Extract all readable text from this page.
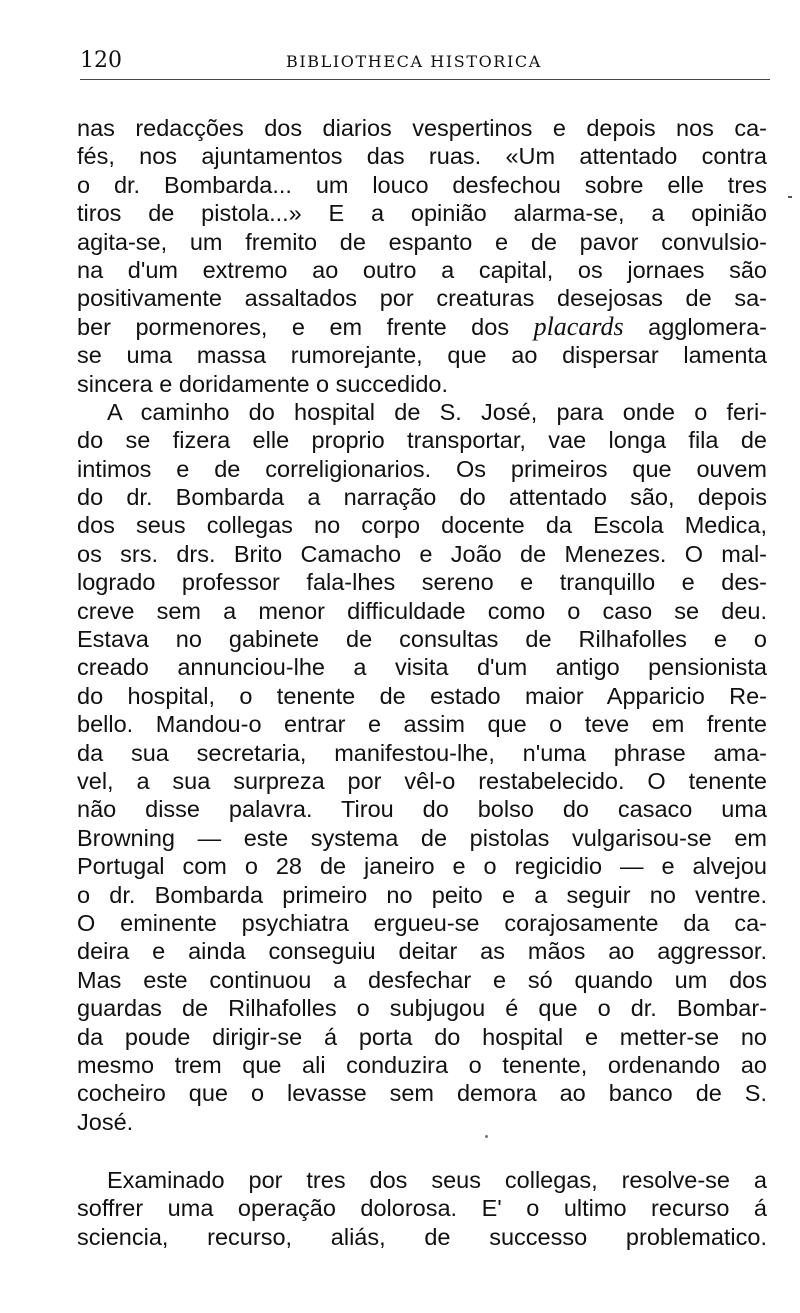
120	BIBLIOTHECA HISTORICA
nas redacções dos diarios vespertinos e depois nos ca-
fés, nos ajuntamentos das ruas. «Um attentado contra
o dr. Bombarda... um louco desfechou sobre elle tres
tiros de pistola...» E a opinião alarma-se, a opinião
agita-se, um fremito de espanto e de pavor convulsio-
na d'um extremo ao outro a capital, os jornaes são
positivamente assaltados por creaturas desejosas de sa-
ber pormenores, e em frente dos placards agglomera-
se uma massa rumorejante, que ao dispersar lamenta
sincera e doridamente o succedido.
A caminho do hospital de S. José, para onde o feri-
do se fizera elle proprio transportar, vae longa fila de
intimos e de correligionarios. Os primeiros que ouvem
do dr. Bombarda a narração do attentado são, depois
dos seus collegas no corpo docente da Escola Medica,
os srs. drs. Brito Camacho e João de Menezes. O mal-
logrado professor fala-lhes sereno e tranquillo e des-
creve sem a menor difficuldade como o caso se deu.
Estava no gabinete de consultas de Rilhafolles e o
creado annunciou-lhe a visita d'um antigo pensionista
do hospital, o tenente de estado maior Apparicio Re-
bello. Mandou-o entrar e assim que o teve em frente
da sua secretaria, manifestou-lhe, n'uma phrase ama-
vel, a sua surpreza por vêl-o restabelecido. O tenente
não disse palavra. Tirou do bolso do casaco uma
Browning — este systema de pistolas vulgarisou-se em
Portugal com o 28 de janeiro e o regicidio — e alvejou
o dr. Bombarda primeiro no peito e a seguir no ventre.
O eminente psychiatra ergueu-se corajosamente da ca-
deira e ainda conseguiu deitar as mãos ao aggressor.
Mas este continuou a desfechar e só quando um dos
guardas de Rilhafolles o subjugou é que o dr. Bombar-
da poude dirigir-se á porta do hospital e metter-se no
mesmo trem que ali conduzira o tenente, ordenando ao
cocheiro que o levasse sem demora ao banco de S.
José.
Examinado por tres dos seus collegas, resolve-se a
soffrer uma operação dolorosa. E' o ultimo recurso á
sciencia, recurso, aliás, de successo problematico.
